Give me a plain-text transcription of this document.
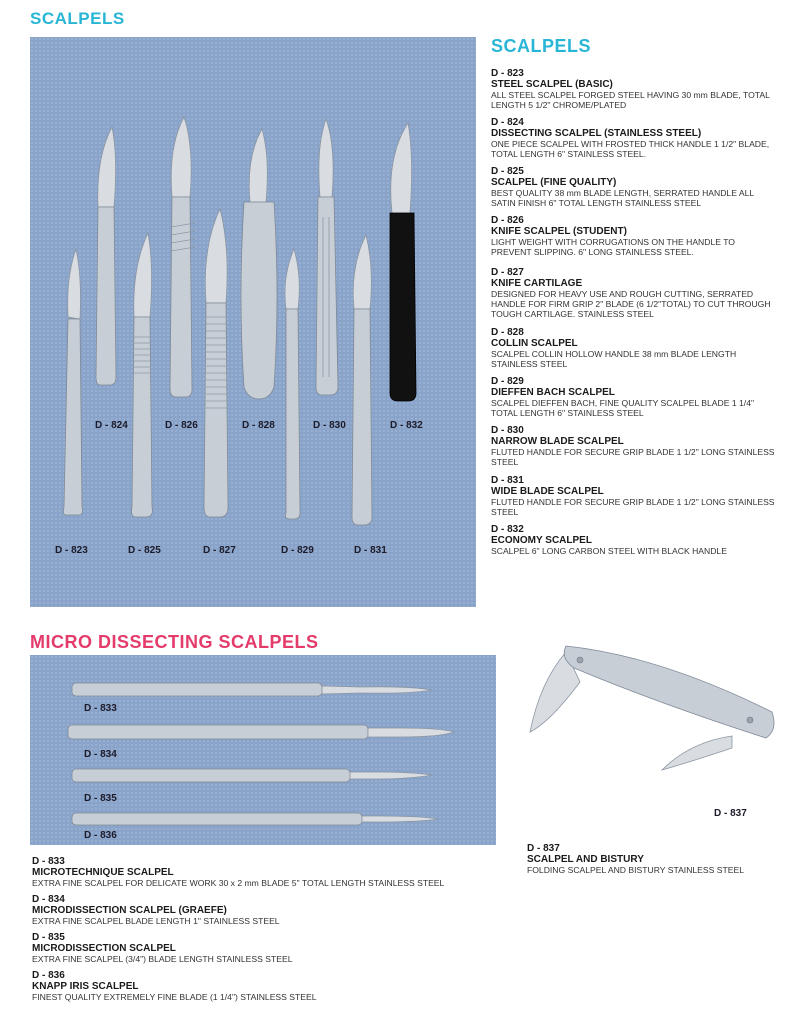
SCALPELS
SCALPELS
MICRO DISSECTING SCALPELS
D - 824	D - 826	D - 828	D - 830	D - 832
D - 823	D - 825	D - 827	D - 829	D - 831
D - 823
STEEL SCALPEL (BASIC)
ALL STEEL SCALPEL FORGED STEEL HAVING 30 mm BLADE, TOTAL LENGTH 5 1/2" CHROME/PLATED
D - 824
DISSECTING SCALPEL (STAINLESS STEEL)
ONE PIECE SCALPEL WITH FROSTED THICK HANDLE 1 1/2" BLADE, TOTAL LENGTH 6" STAINLESS STEEL.
D - 825
SCALPEL (FINE QUALITY)
BEST QUALITY 38 mm BLADE LENGTH, SERRATED HANDLE ALL SATIN FINISH 6" TOTAL LENGTH STAINLESS STEEL
D - 826
KNIFE SCALPEL (STUDENT)
LIGHT WEIGHT WITH CORRUGATIONS ON THE HANDLE TO PREVENT SLIPPING. 6" LONG STAINLESS STEEL.
D - 827
KNIFE CARTILAGE
DESIGNED FOR HEAVY USE AND ROUGH CUTTING, SERRATED HANDLE FOR FIRM GRIP 2" BLADE (6 1/2"TOTAL) TO CUT THROUGH TOUGH CARTILAGE. STAINLESS STEEL
D - 828
COLLIN SCALPEL
SCALPEL COLLIN HOLLOW HANDLE 38 mm BLADE LENGTH STAINLESS STEEL
D - 829
DIEFFEN BACH SCALPEL
SCALPEL DIEFFEN BACH, FINE QUALITY SCALPEL BLADE 1 1/4" TOTAL LENGTH 6" STAINLESS STEEL
D - 830
NARROW BLADE SCALPEL
FLUTED HANDLE FOR SECURE GRIP BLADE 1 1/2" LONG STAINLESS STEEL
D - 831
WIDE BLADE SCALPEL
FLUTED HANDLE FOR SECURE GRIP BLADE 1 1/2" LONG STAINLESS STEEL
D - 832
ECONOMY SCALPEL
SCALPEL 6" LONG CARBON STEEL WITH BLACK HANDLE
D - 833
D - 834
D - 835
D - 836
D - 837
D - 837
SCALPEL AND BISTURY
FOLDING SCALPEL AND BISTURY STAINLESS STEEL
D - 833
MICROTECHNIQUE SCALPEL
EXTRA FINE SCALPEL FOR DELICATE WORK 30 x 2 mm BLADE 5" TOTAL LENGTH STAINLESS STEEL
D - 834
MICRODISSECTION SCALPEL (GRAEFE)
EXTRA FINE SCALPEL BLADE LENGTH 1" STAINLESS STEEL
D - 835
MICRODISSECTION SCALPEL
EXTRA FINE SCALPEL (3/4") BLADE LENGTH STAINLESS STEEL
D - 836
KNAPP IRIS SCALPEL
FINEST QUALITY EXTREMELY FINE BLADE (1 1/4") STAINLESS STEEL
